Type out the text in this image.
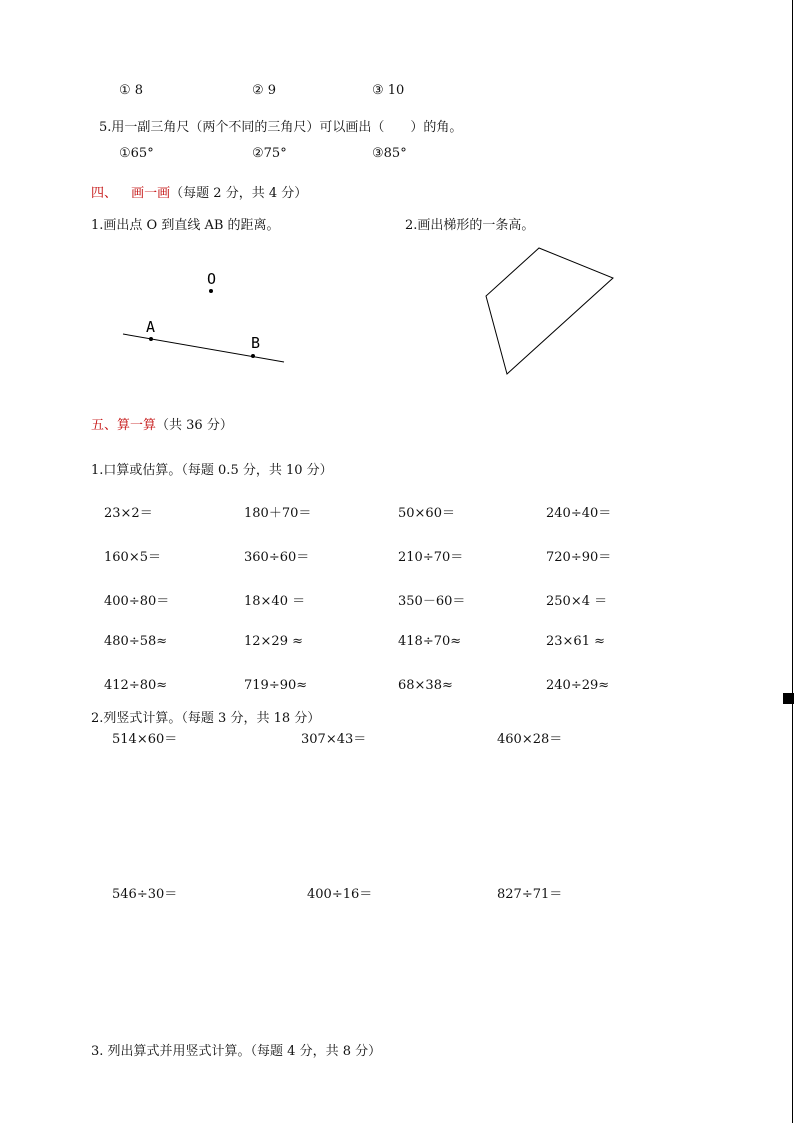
① 8	② 9	③ 10
5.用一副三角尺（两个不同的三角尺）可以画出（　　）的角。
①65°	②75°	③85°
四、 画一画（每题 2 分，共 4 分）
1.画出点 O 到直线 AB 的距离。	2.画出梯形的一条高。
O
A
B
五、算一算（共 36 分）
1.口算或估算。（每题 0.5 分，共 10 分）
23×2＝	180＋70＝	50×60＝	240÷40＝
160×5＝	360÷60＝	210÷70＝	720÷90＝
400÷80＝	18×40 ＝	350－60＝	250×4 ＝
480÷58≈	12×29 ≈	418÷70≈	23×61 ≈
412÷80≈	719÷90≈	68×38≈	240÷29≈
2.列竖式计算。（每题 3 分，共 18 分）
514×60＝	307×43＝	460×28＝
546÷30＝	400÷16＝	827÷71＝
3. 列出算式并用竖式计算。（每题 4 分，共 8 分）
